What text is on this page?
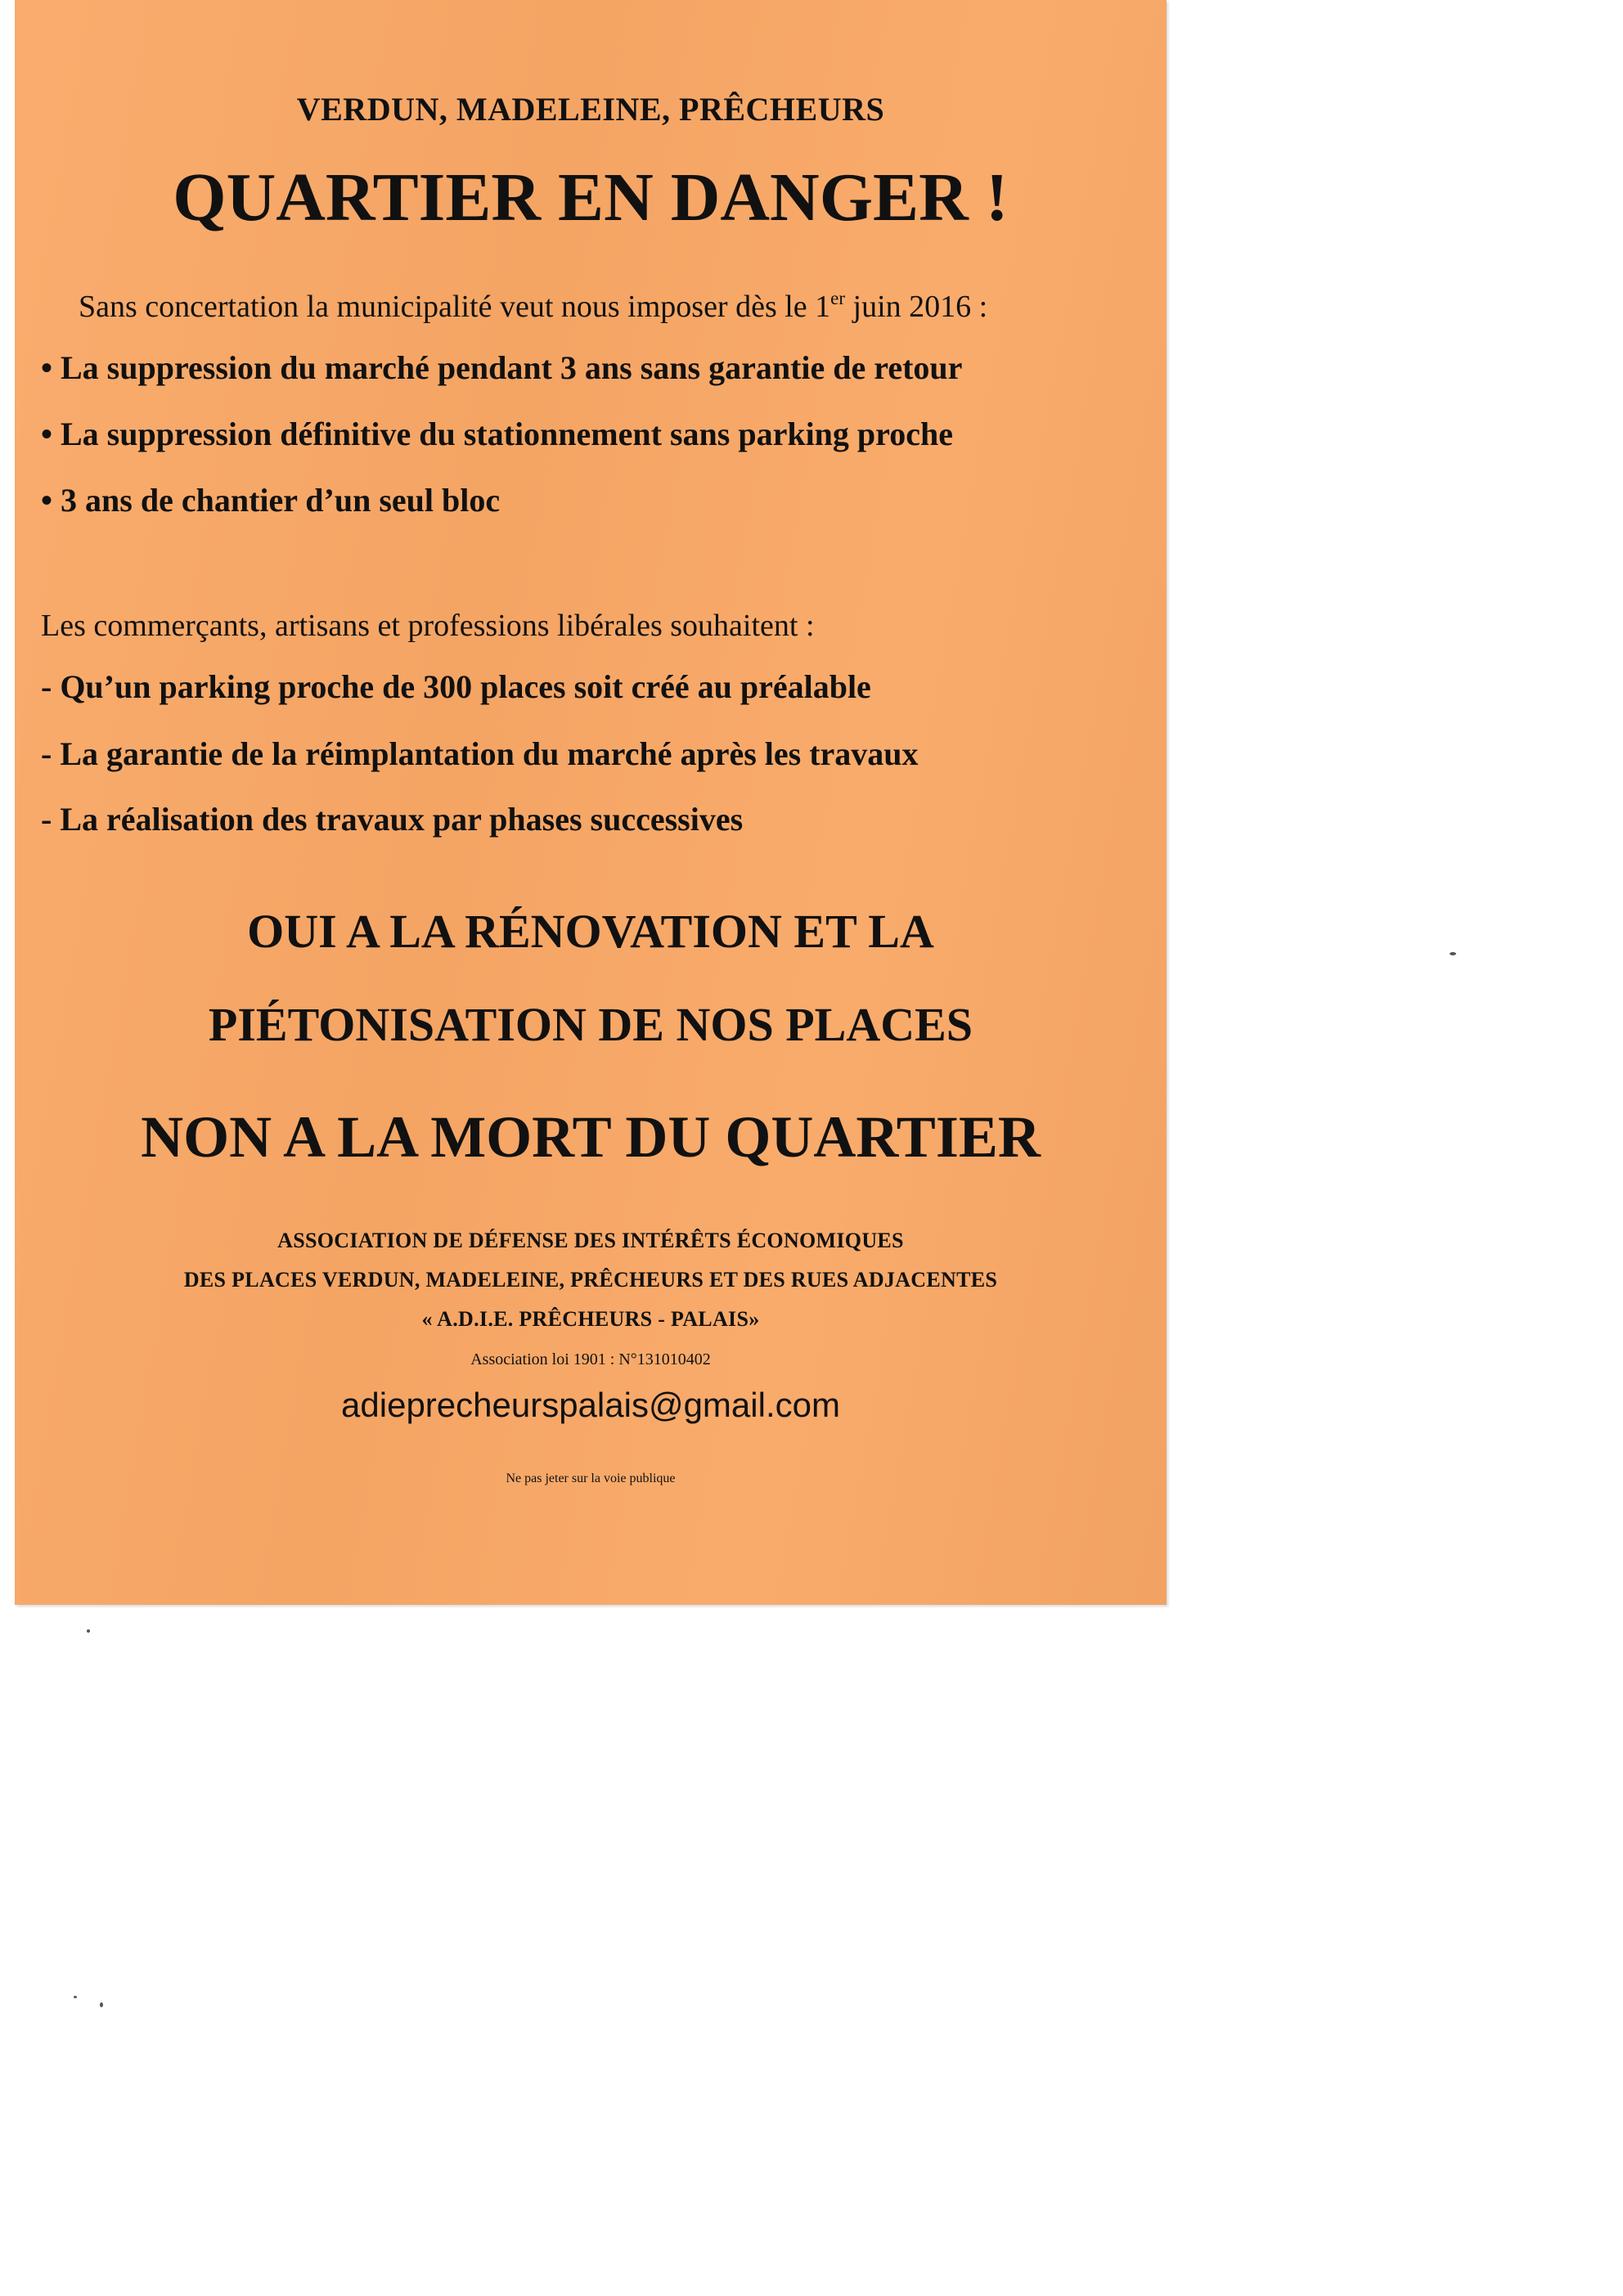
VERDUN, MADELEINE, PRÊCHEURS
QUARTIER EN DANGER !
Sans concertation la municipalité veut nous imposer dès le 1er juin 2016 :
• La suppression du marché pendant 3 ans sans garantie de retour
• La suppression définitive du stationnement sans parking proche
• 3 ans de chantier d’un seul bloc
Les commerçants, artisans et professions libérales souhaitent :
- Qu’un parking proche de 300 places soit créé au préalable
- La garantie de la réimplantation du marché après les travaux
- La réalisation des travaux par phases successives
OUI A LA RÉNOVATION ET LA
PIÉTONISATION DE NOS PLACES
NON A LA MORT DU QUARTIER
ASSOCIATION DE DÉFENSE DES INTÉRÊTS ÉCONOMIQUES
DES PLACES VERDUN, MADELEINE, PRÊCHEURS ET DES RUES ADJACENTES
« A.D.I.E. PRÊCHEURS - PALAIS»
Association loi 1901 : N°131010402
adieprecheurspalais@gmail.com
Ne pas jeter sur la voie publique
